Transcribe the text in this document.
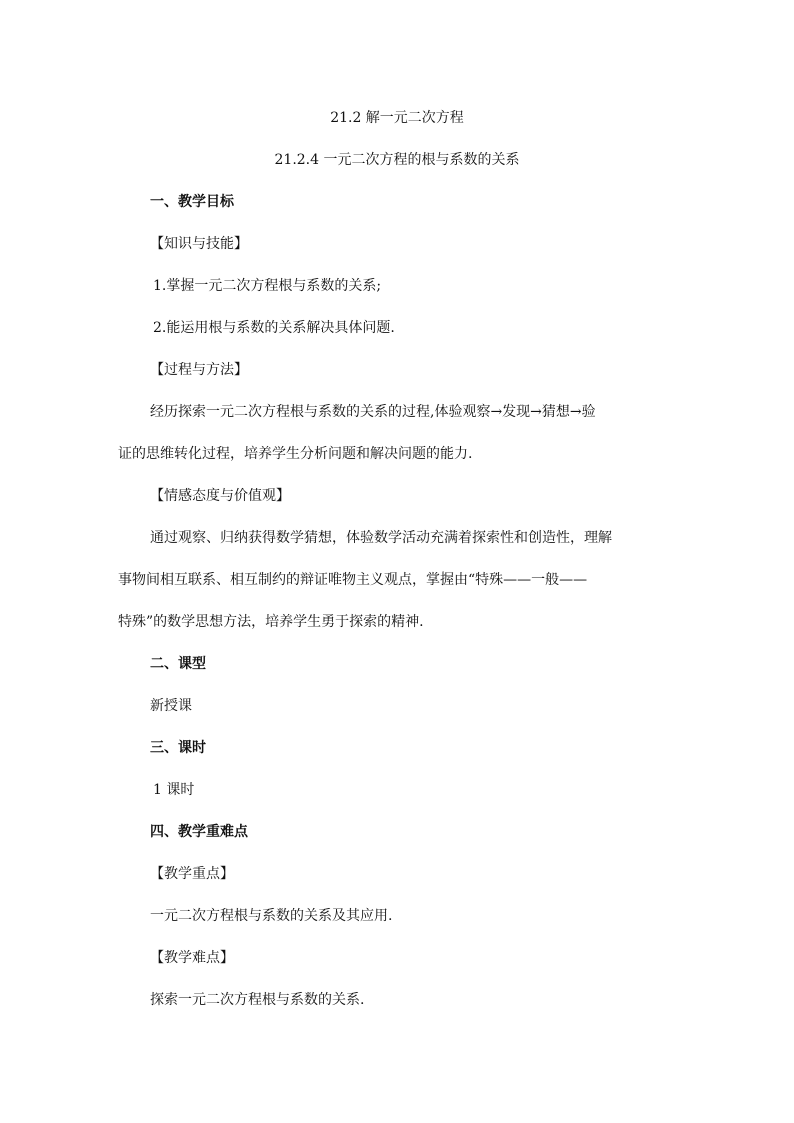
21.2 解一元二次方程
21.2.4 一元二次方程的根与系数的关系
一、教学目标
【知识与技能】
1.掌握一元二次方程根与系数的关系;
2.能运用根与系数的关系解决具体问题.
【过程与方法】
经历探索一元二次方程根与系数的关系的过程,体验观察→发现→猜想→验
证的思维转化过程，培养学生分析问题和解决问题的能力.
【情感态度与价值观】
通过观察、归纳获得数学猜想，体验数学活动充满着探索性和创造性，理解
事物间相互联系、相互制约的辩证唯物主义观点，掌握由“特殊——一般——
特殊”的数学思想方法，培养学生勇于探索的精神.
二、课型
新授课
三、课时
1 课时
四、教学重难点
【教学重点】
一元二次方程根与系数的关系及其应用.
【教学难点】
探索一元二次方程根与系数的关系.
